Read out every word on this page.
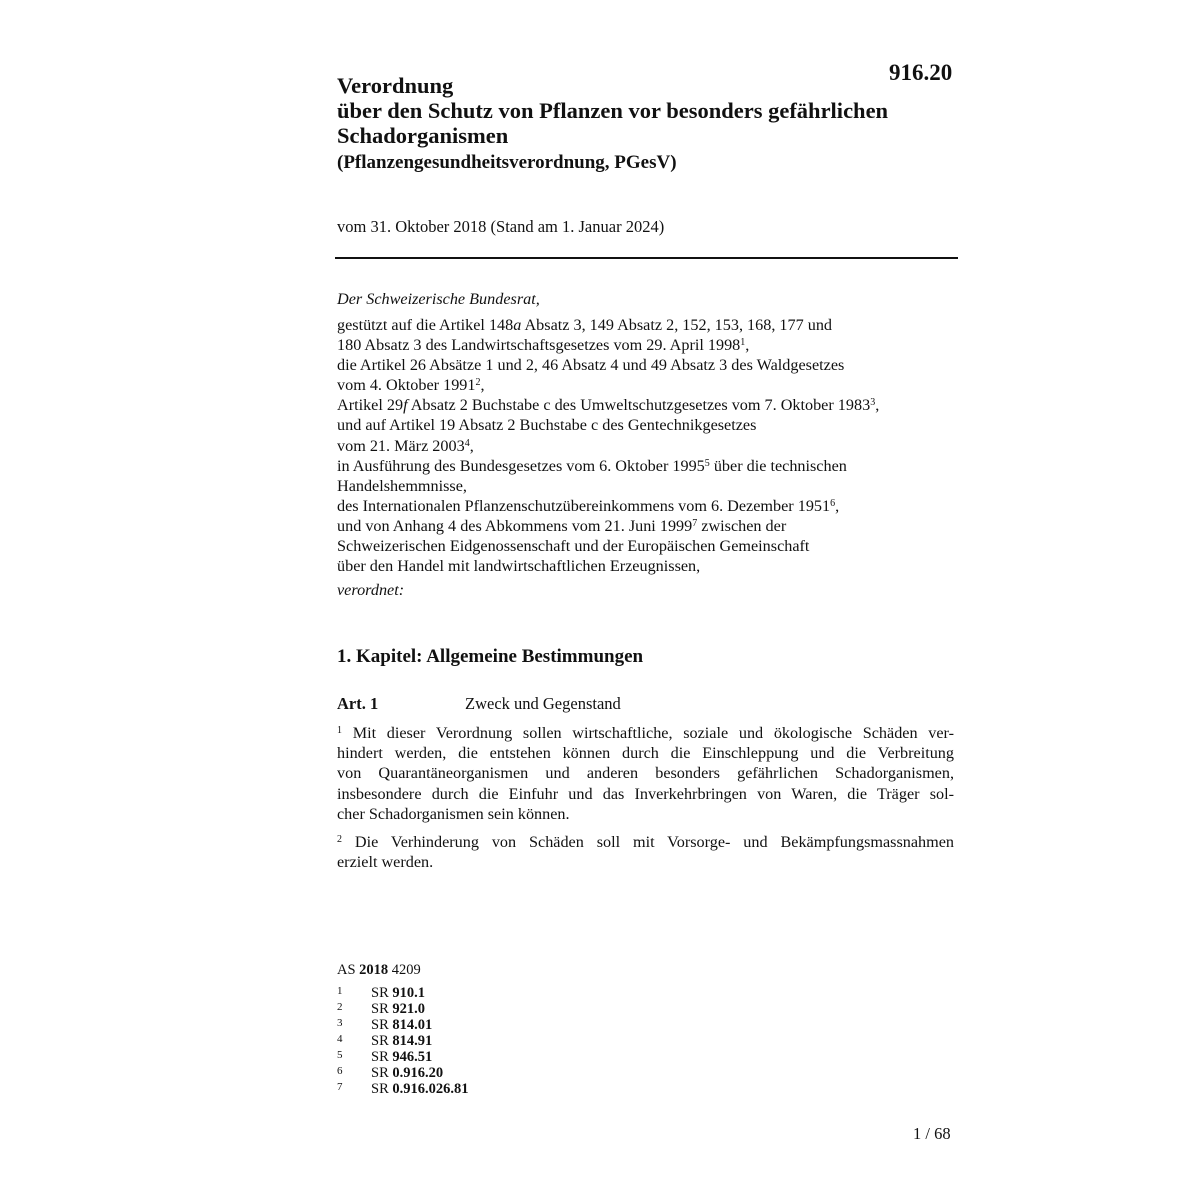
916.20
Verordnung
über den Schutz von Pflanzen vor besonders gefährlichen
Schadorganismen
(Pflanzengesundheitsverordnung, PGesV)
vom 31. Oktober 2018 (Stand am 1. Januar 2024)
Der Schweizerische Bundesrat,
gestützt auf die Artikel 148a Absatz 3, 149 Absatz 2, 152, 153, 168, 177 und
180 Absatz 3 des Landwirtschaftsgesetzes vom 29. April 1998$^1$,
die Artikel 26 Absätze 1 und 2, 46 Absatz 4 und 49 Absatz 3 des Waldgesetzes
vom 4. Oktober 1991$^2$,
Artikel 29f Absatz 2 Buchstabe c des Umweltschutzgesetzes vom 7. Oktober 1983$^3$,
und auf Artikel 19 Absatz 2 Buchstabe c des Gentechnikgesetzes
vom 21. März 2003$^4$,
in Ausführung des Bundesgesetzes vom 6. Oktober 1995$^5$ über die technischen
Handelshemmnisse,
des Internationalen Pflanzenschutzübereinkommens vom 6. Dezember 1951$^6$,
und von Anhang 4 des Abkommens vom 21. Juni 1999$^7$ zwischen der
Schweizerischen Eidgenossenschaft und der Europäischen Gemeinschaft
über den Handel mit landwirtschaftlichen Erzeugnissen,
verordnet:
1. Kapitel: Allgemeine Bestimmungen
Art. 1	Zweck und Gegenstand
$^1$ Mit dieser Verordnung sollen wirtschaftliche, soziale und ökologische Schäden ver-
hindert werden, die entstehen können durch die Einschleppung und die Verbreitung
von Quarantäneorganismen und anderen besonders gefährlichen Schadorganismen,
insbesondere durch die Einfuhr und das Inverkehrbringen von Waren, die Träger sol-
cher Schadorganismen sein können.
$^2$ Die Verhinderung von Schäden soll mit Vorsorge- und Bekämpfungsmassnahmen
erzielt werden.
AS 2018 4209
1 SR 910.1
2 SR 921.0
3 SR 814.01
4 SR 814.91
5 SR 946.51
6 SR 0.916.20
7 SR 0.916.026.81
1 / 68
